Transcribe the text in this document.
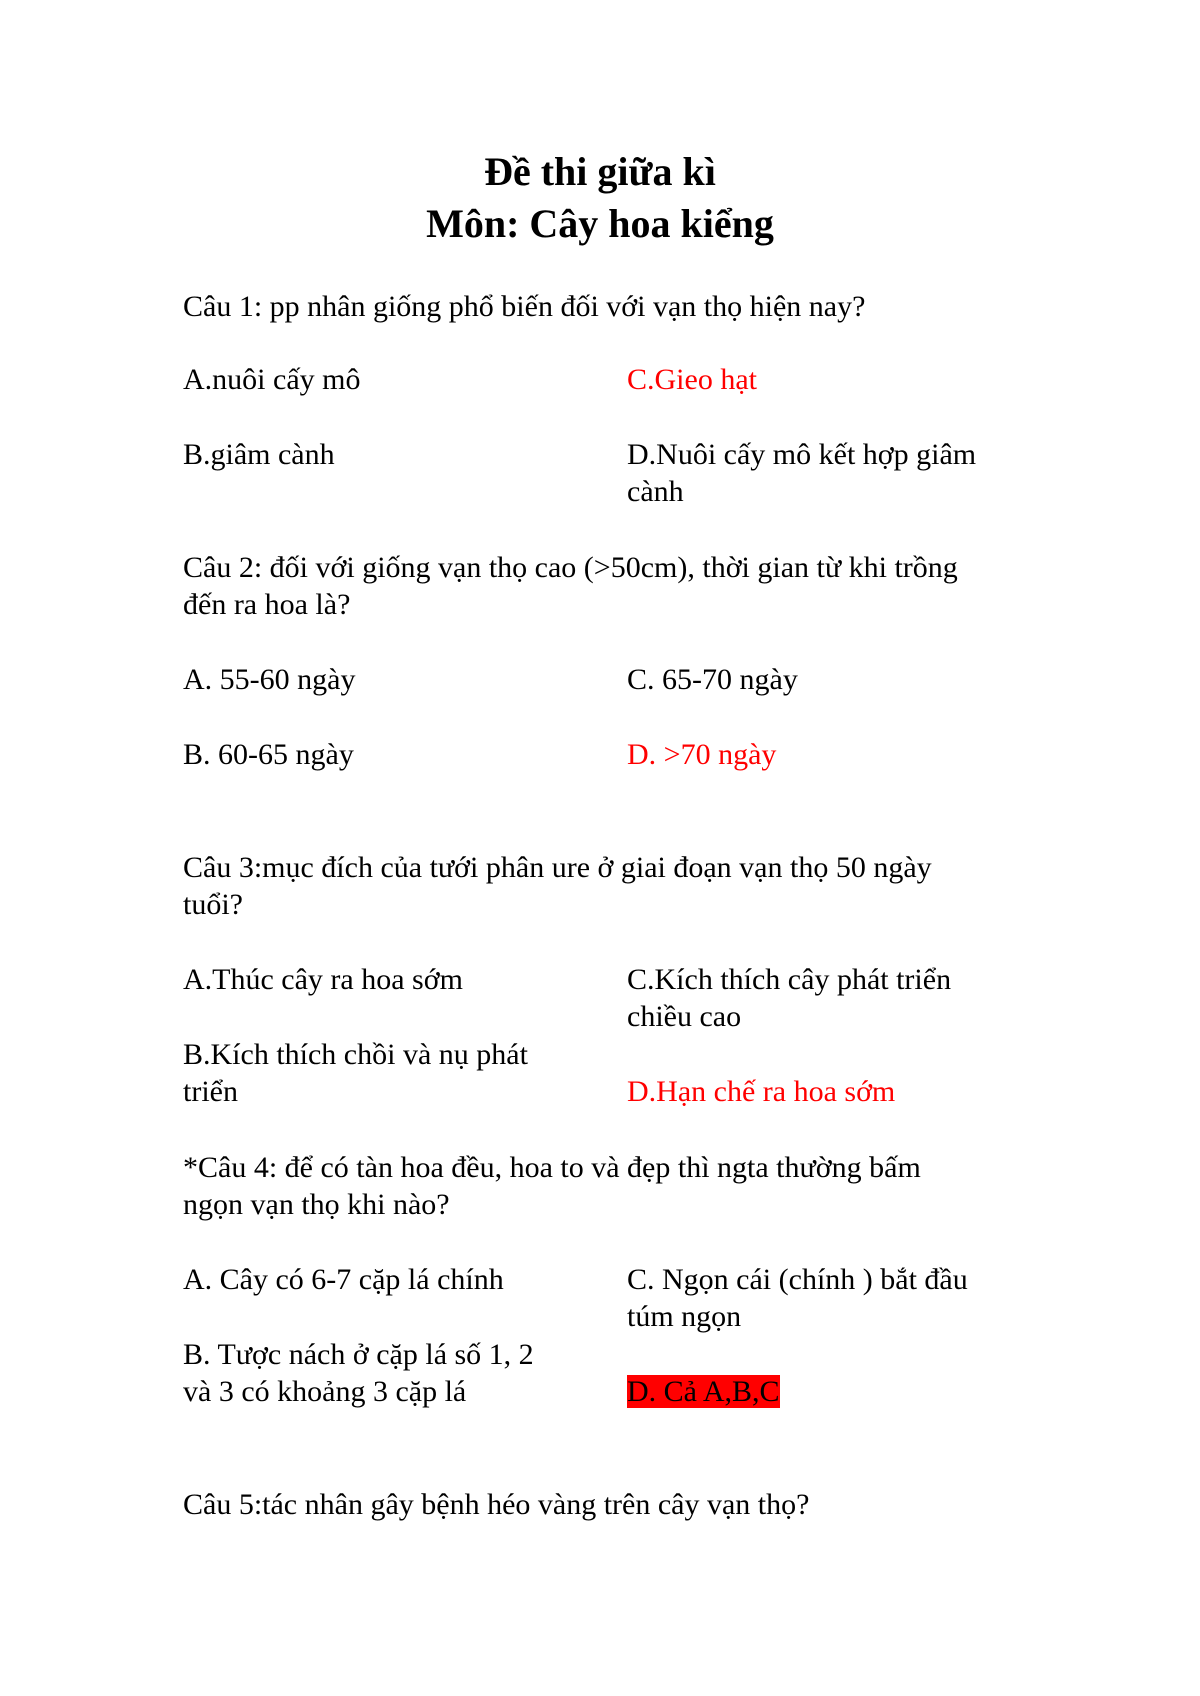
Đề thi giữa kì
Môn: Cây hoa kiểng

Câu 1: pp nhân giống phổ biến đối với vạn thọ hiện nay?

A.nuôi cấy mô	C.Gieo hạt

B.giâm cành	D.Nuôi cấy mô kết hợp giâm

cành

Câu 2: đối với giống vạn thọ cao (>50cm), thời gian từ khi trồng

đến ra hoa là?

A. 55-60 ngày	C. 65-70 ngày

B. 60-65 ngày	D. >70 ngày

Câu 3:mục đích của tưới phân ure ở giai đoạn vạn thọ 50 ngày

tuổi?

A.Thúc cây ra hoa sớm	C.Kích thích cây phát triển

chiều cao

B.Kích thích chồi và nụ phát

triển	D.Hạn chế ra hoa sớm

*Câu 4: để có tàn hoa đều, hoa to và đẹp thì ngta thường bấm

ngọn vạn thọ khi nào?

A. Cây có 6-7 cặp lá chính	C. Ngọn cái (chính ) bắt đầu

túm ngọn

B. Tược nách ở cặp lá số 1, 2

và 3 có khoảng 3 cặp lá	D. Cả A,B,C

Câu 5:tác nhân gây bệnh héo vàng trên cây vạn thọ?
